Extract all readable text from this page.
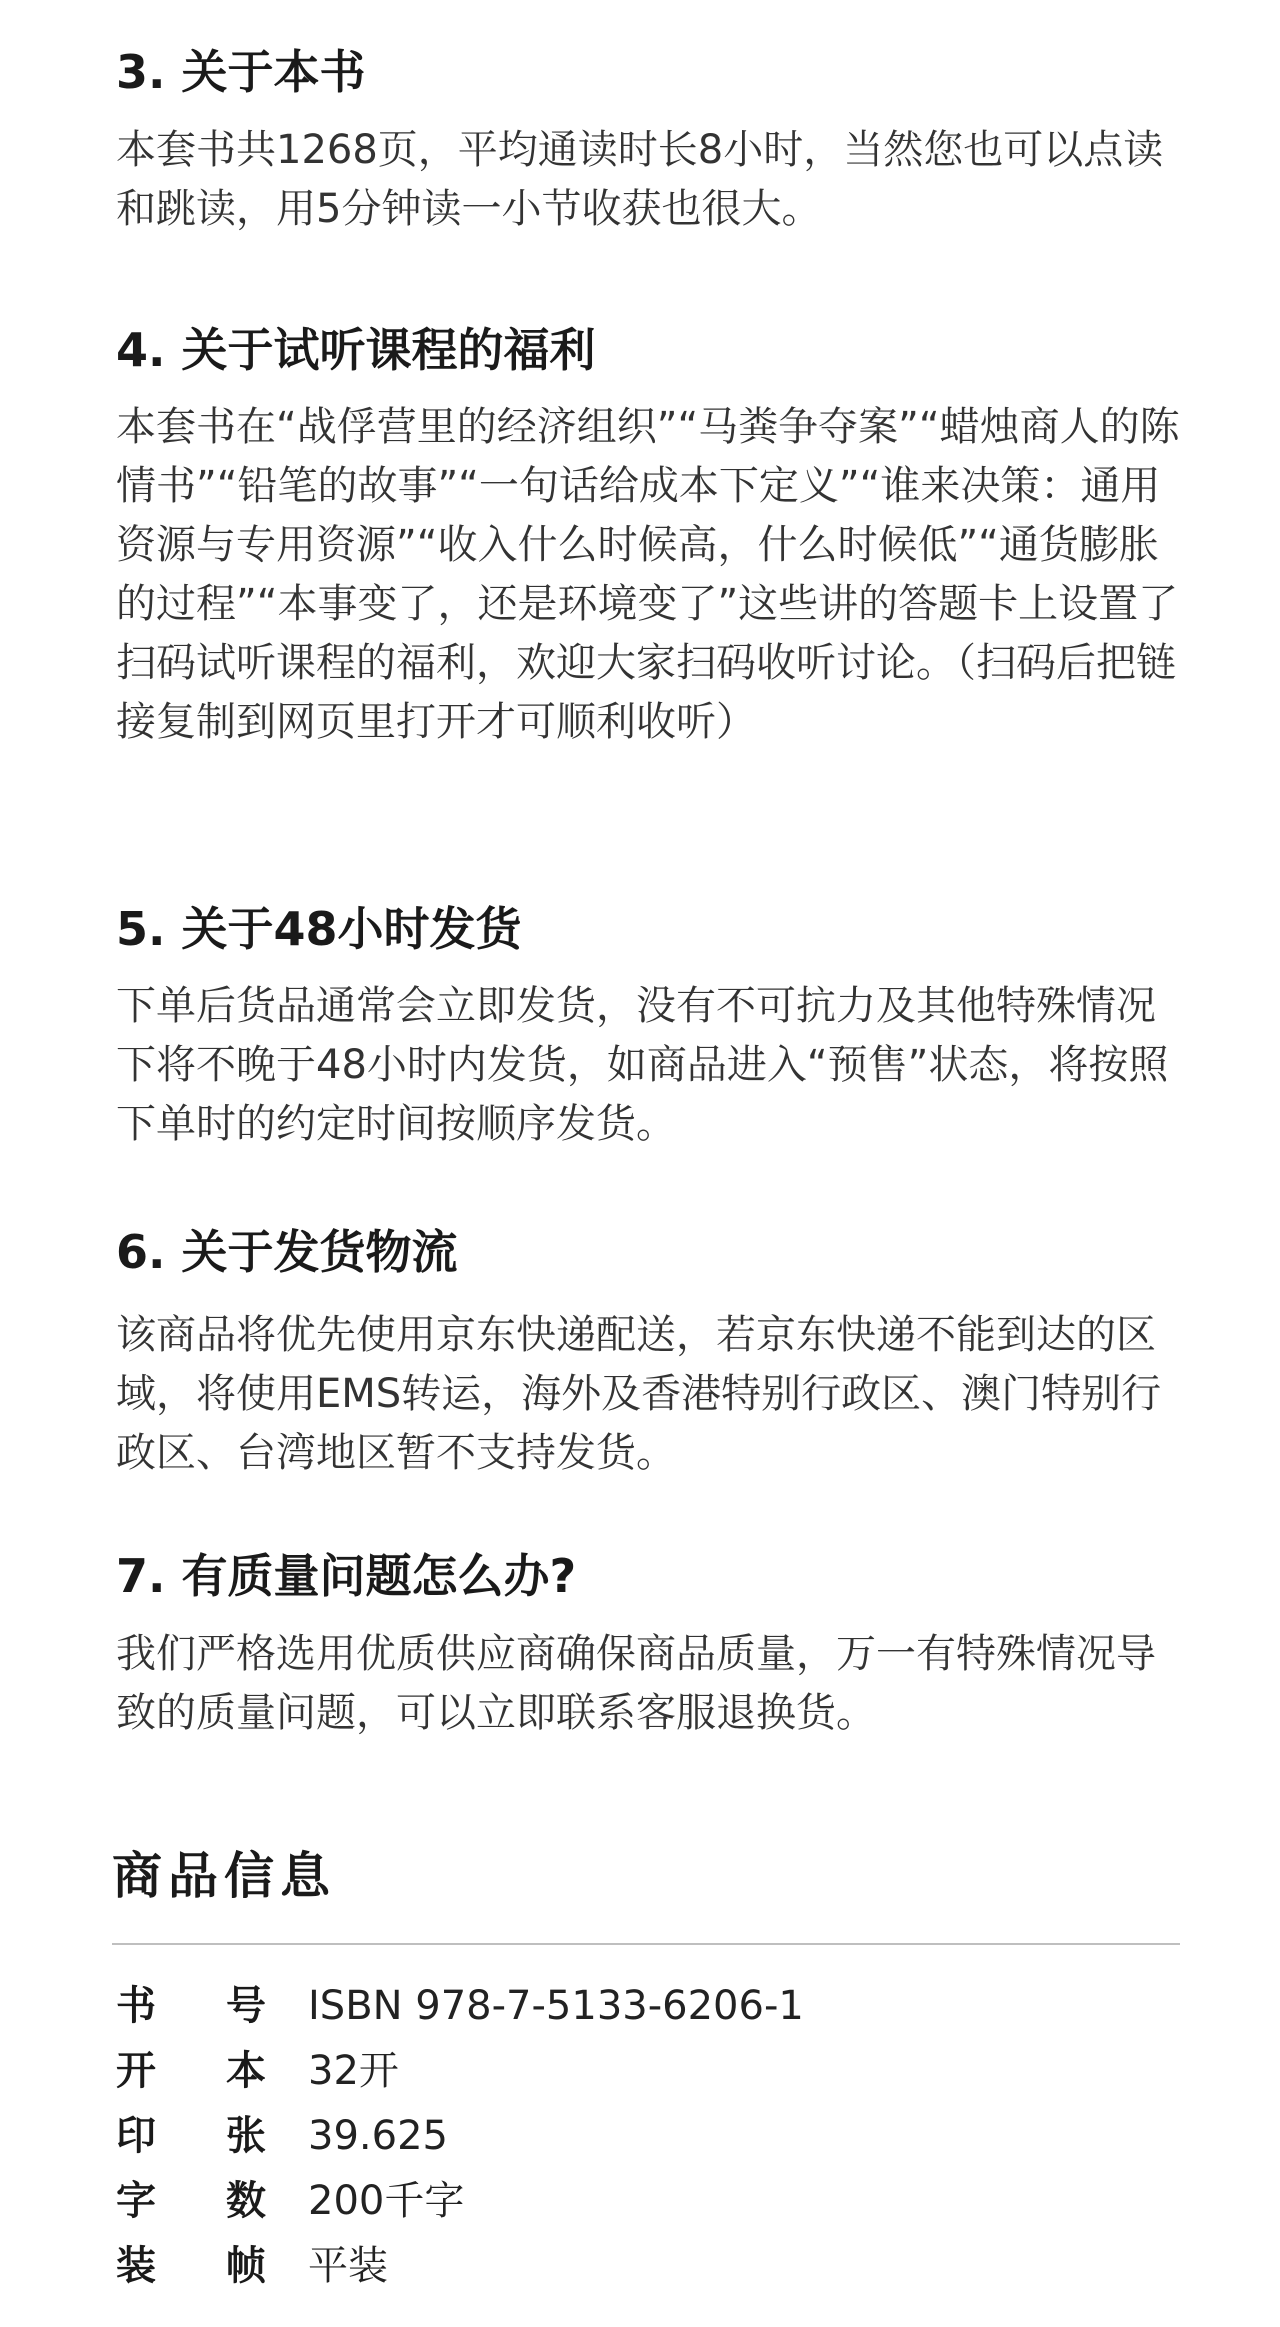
3. 关于本书

本套书共1268页，平均通读时长8小时，当然您也可以点读和跳读，用5分钟读一小节收获也很大。

4. 关于试听课程的福利

本套书在“战俘营里的经济组织”“马粪争夺案”“蜡烛商人的陈情书”“铅笔的故事”“一句话给成本下定义”“谁来决策：通用资源与专用资源”“收入什么时候高，什么时候低”“通货膨胀的过程”“本事变了，还是环境变了”这些讲的答题卡上设置了扫码试听课程的福利，欢迎大家扫码收听讨论。（扫码后把链接复制到网页里打开才可顺利收听）

5. 关于48小时发货

下单后货品通常会立即发货，没有不可抗力及其他特殊情况下将不晚于48小时内发货，如商品进入“预售”状态，将按照下单时的约定时间按顺序发货。

6. 关于发货物流

该商品将优先使用京东快递配送，若京东快递不能到达的区域，将使用EMS转运，海外及香港特别行政区、澳门特别行政区、台湾地区暂不支持发货。

7. 有质量问题怎么办?

我们严格选用优质供应商确保商品质量，万一有特殊情况导致的质量问题，可以立即联系客服退换货。

商品信息
书 号 ISBN 978-7-5133-6206-1
开 本 32开
印 张 39.625
字 数 200千字
装 帧 平装
